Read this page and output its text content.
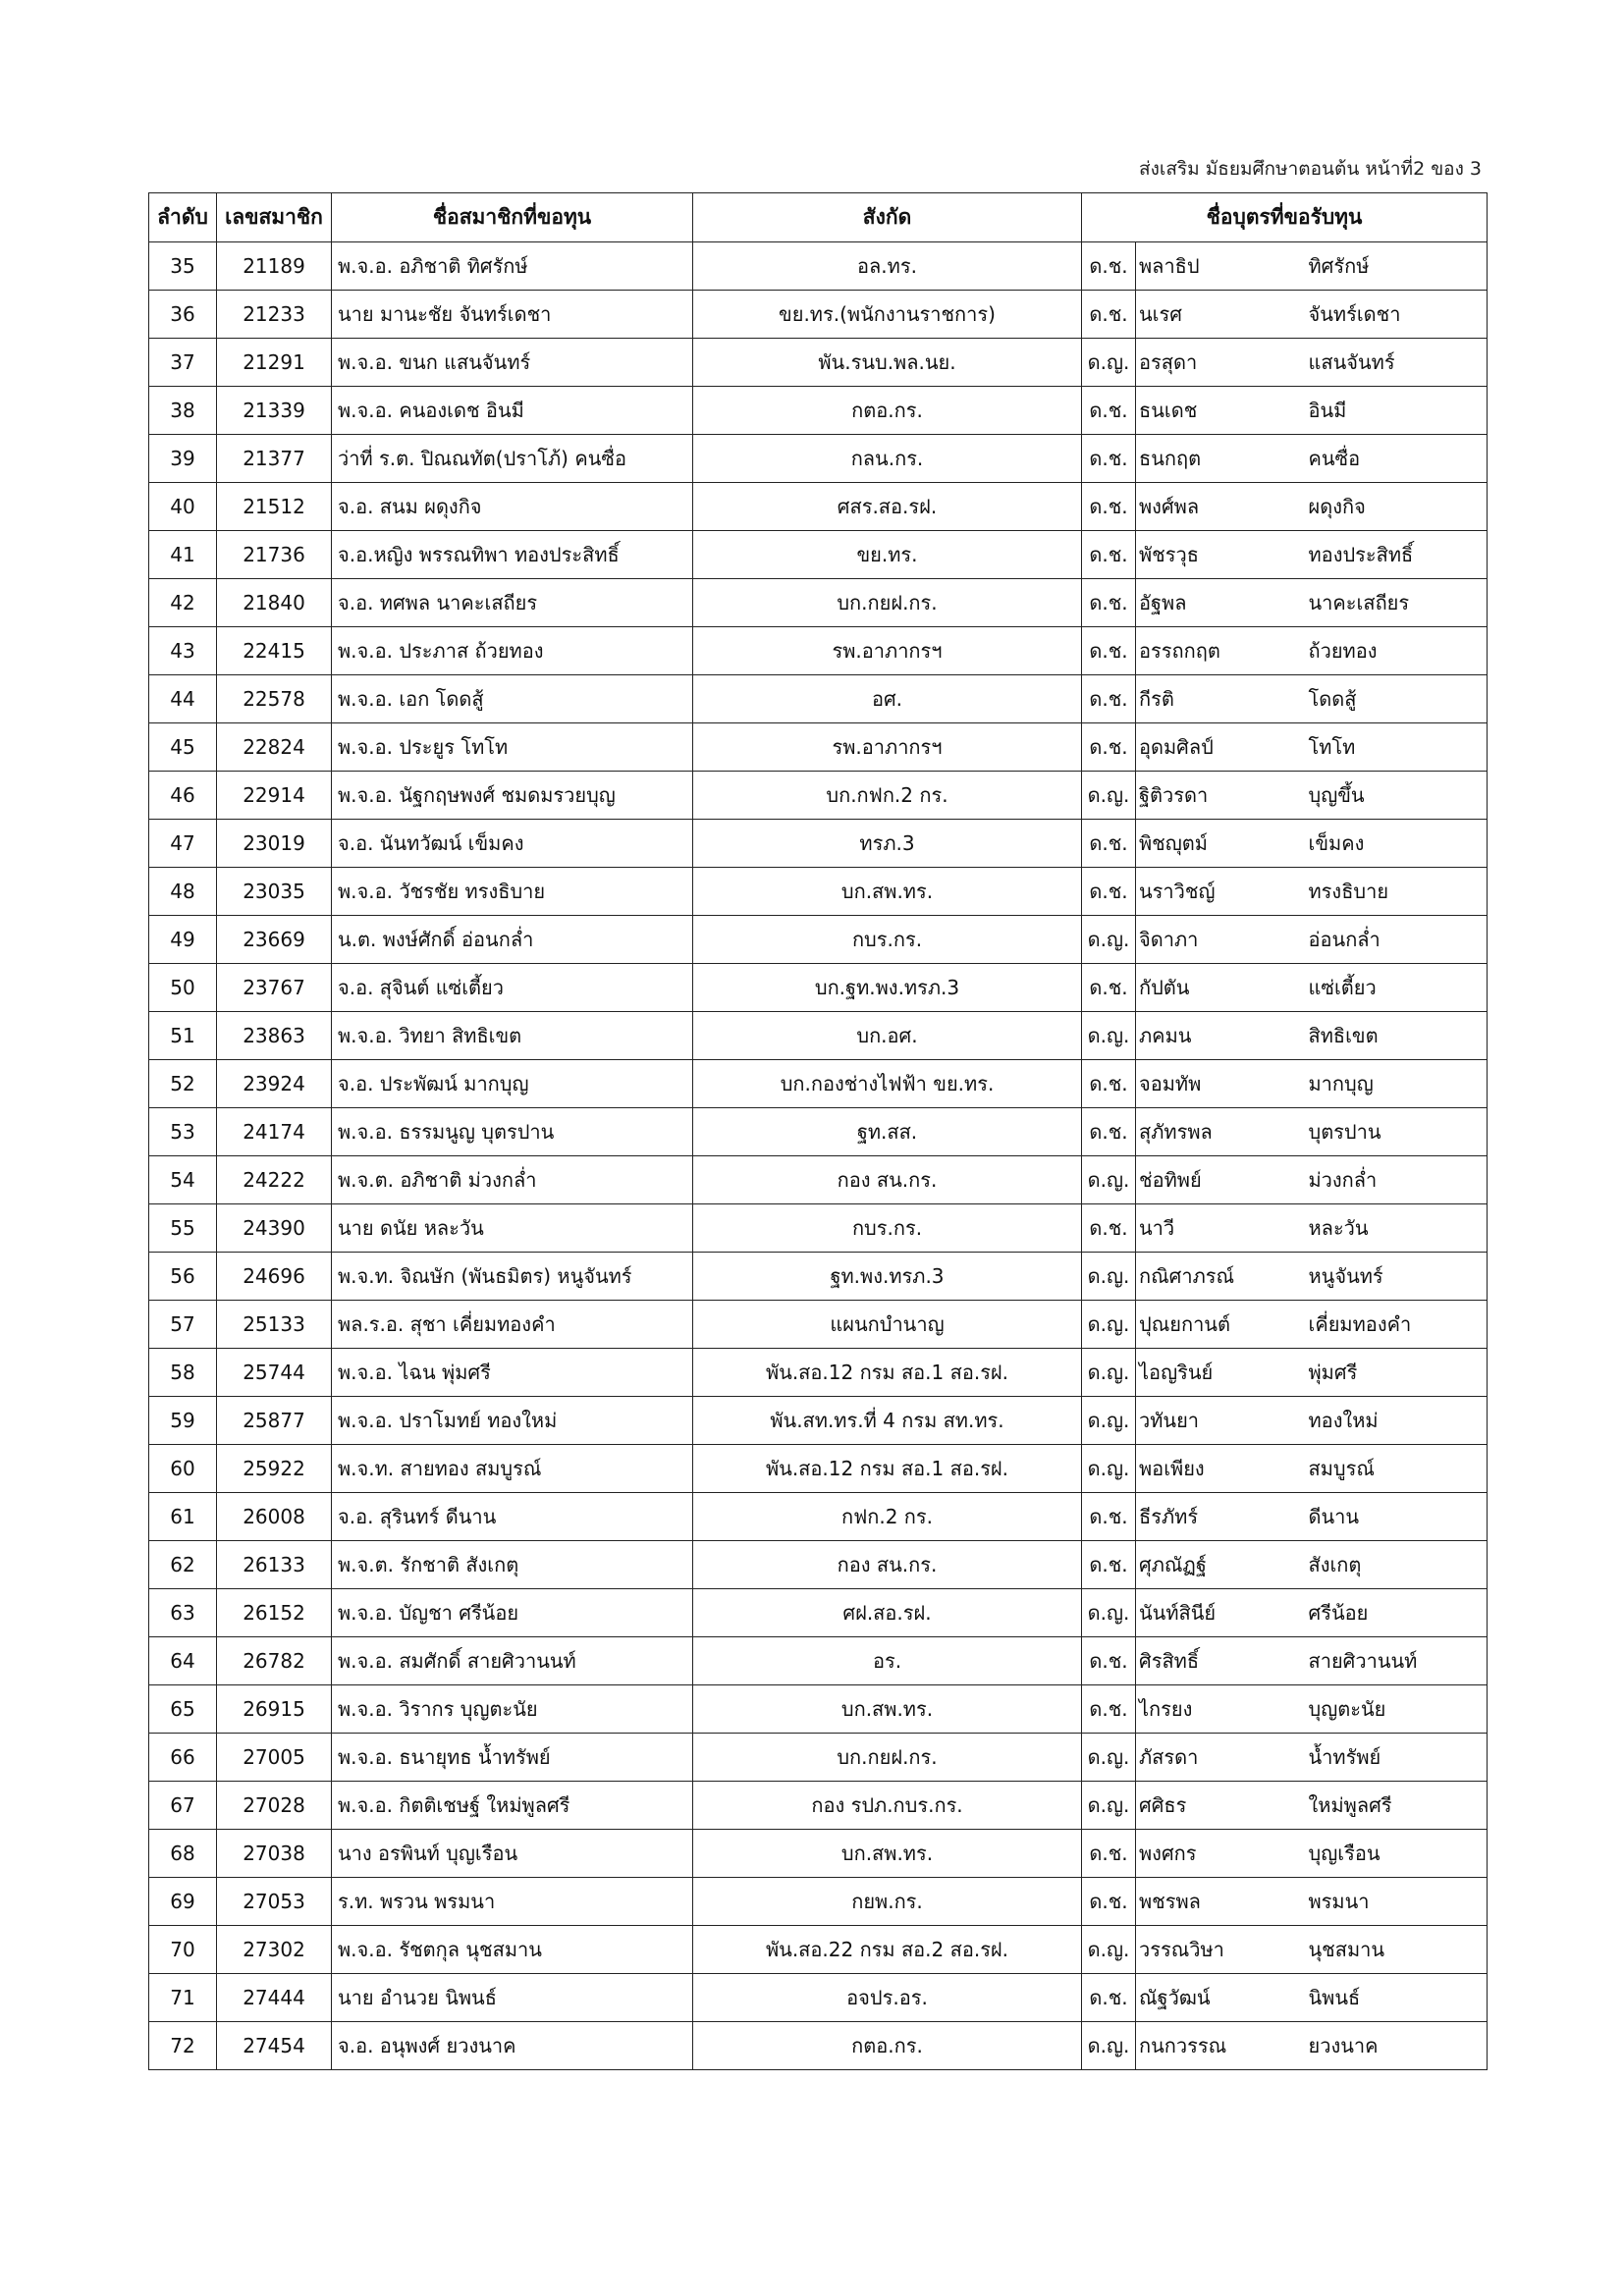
ส่งเสริม มัธยมศึกษาตอนต้น หน้าที่2 ของ 3
ลำดับ	เลขสมาชิก	ชื่อสมาชิกที่ขอทุน	สังกัด	ชื่อบุตรที่ขอรับทุน		
35	21189	พ.จ.อ. อภิชาติ ทิศรักษ์	อล.ทร.	ด.ช.	พลาธิป	ทิศรักษ์
36	21233	นาย มานะชัย จันทร์เดชา	ขย.ทร.(พนักงานราชการ)	ด.ช.	นเรศ	จันทร์เดชา
37	21291	พ.จ.อ. ขนก แสนจันทร์	พัน.รนบ.พล.นย.	ด.ญ.	อรสุดา	แสนจันทร์
38	21339	พ.จ.อ. คนองเดช อินมี	กตอ.กร.	ด.ช.	ธนเดช	อินมี
39	21377	ว่าที่ ร.ต. ปิณณทัต(ปราโภ้) คนซื่อ	กลน.กร.	ด.ช.	ธนกฤต	คนซื่อ
40	21512	จ.อ. สนม ผดุงกิจ	ศสร.สอ.รฝ.	ด.ช.	พงศ์พล	ผดุงกิจ
41	21736	จ.อ.หญิง พรรณทิพา ทองประสิทธิ์	ขย.ทร.	ด.ช.	พัชรวุธ	ทองประสิทธิ์
42	21840	จ.อ. ทศพล นาคะเสถียร	บก.กยฝ.กร.	ด.ช.	อัฐพล	นาคะเสถียร
43	22415	พ.จ.อ. ประภาส ถ้วยทอง	รพ.อาภากรฯ	ด.ช.	อรรถกฤต	ถ้วยทอง
44	22578	พ.จ.อ. เอก โดดสู้	อศ.	ด.ช.	กีรติ	โดดสู้
45	22824	พ.จ.อ. ประยูร โทโท	รพ.อาภากรฯ	ด.ช.	อุดมศิลป์	โทโท
46	22914	พ.จ.อ. นัฐกฤษพงศ์ ชมดมรวยบุญ	บก.กฟก.2 กร.	ด.ญ.	ฐิติวรดา	บุญขึ้น
47	23019	จ.อ. นันทวัฒน์ เข็มคง	ทรภ.3	ด.ช.	พิชญุตม์	เข็มคง
48	23035	พ.จ.อ. วัชรชัย ทรงธิบาย	บก.สพ.ทร.	ด.ช.	นราวิชญ์	ทรงธิบาย
49	23669	น.ต. พงษ์ศักดิ์ อ่อนกล่ำ	กบร.กร.	ด.ญ.	จิดาภา	อ่อนกล่ำ
50	23767	จ.อ. สุจินต์ แซ่เตี้ยว	บก.ฐท.พง.ทรภ.3	ด.ช.	กัปตัน	แซ่เตี้ยว
51	23863	พ.จ.อ. วิทยา สิทธิเขต	บก.อศ.	ด.ญ.	ภคมน	สิทธิเขต
52	23924	จ.อ. ประพัฒน์ มากบุญ	บก.กองช่างไฟฟ้า ขย.ทร.	ด.ช.	จอมทัพ	มากบุญ
53	24174	พ.จ.อ. ธรรมนูญ บุตรปาน	ฐท.สส.	ด.ช.	สุภัทรพล	บุตรปาน
54	24222	พ.จ.ต. อภิชาติ ม่วงกล่ำ	กอง สน.กร.	ด.ญ.	ช่อทิพย์	ม่วงกล่ำ
55	24390	นาย ดนัย หละวัน	กบร.กร.	ด.ช.	นาวี	หละวัน
56	24696	พ.จ.ท. จิณษัก (พันธมิตร) หนูจันทร์	ฐท.พง.ทรภ.3	ด.ญ.	กณิศาภรณ์	หนูจันทร์
57	25133	พล.ร.อ. สุชา เคี่ยมทองคำ	แผนกบำนาญ	ด.ญ.	ปุณยกานต์	เคี่ยมทองคำ
58	25744	พ.จ.อ. ไฉน พุ่มศรี	พัน.สอ.12 กรม สอ.1 สอ.รฝ.	ด.ญ.	ไอญรินย์	พุ่มศรี
59	25877	พ.จ.อ. ปราโมทย์ ทองใหม่	พัน.สท.ทร.ที่ 4 กรม สท.ทร.	ด.ญ.	วทันยา	ทองใหม่
60	25922	พ.จ.ท. สายทอง สมบูรณ์	พัน.สอ.12 กรม สอ.1 สอ.รฝ.	ด.ญ.	พอเพียง	สมบูรณ์
61	26008	จ.อ. สุรินทร์ ดีนาน	กฟก.2 กร.	ด.ช.	ธีรภัทร์	ดีนาน
62	26133	พ.จ.ต. รักชาติ สังเกตุ	กอง สน.กร.	ด.ช.	ศุภณัฏฐ์	สังเกตุ
63	26152	พ.จ.อ. บัญชา ศรีน้อย	ศฝ.สอ.รฝ.	ด.ญ.	นันท์สินีย์	ศรีน้อย
64	26782	พ.จ.อ. สมศักดิ์ สายศิวานนท์	อร.	ด.ช.	ศิรสิทธิ์	สายศิวานนท์
65	26915	พ.จ.อ. วิรากร บุญตะนัย	บก.สพ.ทร.	ด.ช.	ไกรยง	บุญตะนัย
66	27005	พ.จ.อ. ธนายุทธ น้ำทรัพย์	บก.กยฝ.กร.	ด.ญ.	ภัสรดา	น้ำทรัพย์
67	27028	พ.จ.อ. กิตติเชษฐ์ ใหม่พูลศรี	กอง รปภ.กบร.กร.	ด.ญ.	ศศิธร	ใหม่พูลศรี
68	27038	นาง อรพินท์ บุญเรือน	บก.สพ.ทร.	ด.ช.	พงศกร	บุญเรือน
69	27053	ร.ท. พรวน พรมนา	กยพ.กร.	ด.ช.	พชรพล	พรมนา
70	27302	พ.จ.อ. รัชตกุล นุชสมาน	พัน.สอ.22 กรม สอ.2 สอ.รฝ.	ด.ญ.	วรรณวิษา	นุชสมาน
71	27444	นาย อำนวย นิพนธ์	อจปร.อร.	ด.ช.	ณัฐวัฒน์	นิพนธ์
72	27454	จ.อ. อนุพงศ์ ยวงนาค	กตอ.กร.	ด.ญ.	กนกวรรณ	ยวงนาค
